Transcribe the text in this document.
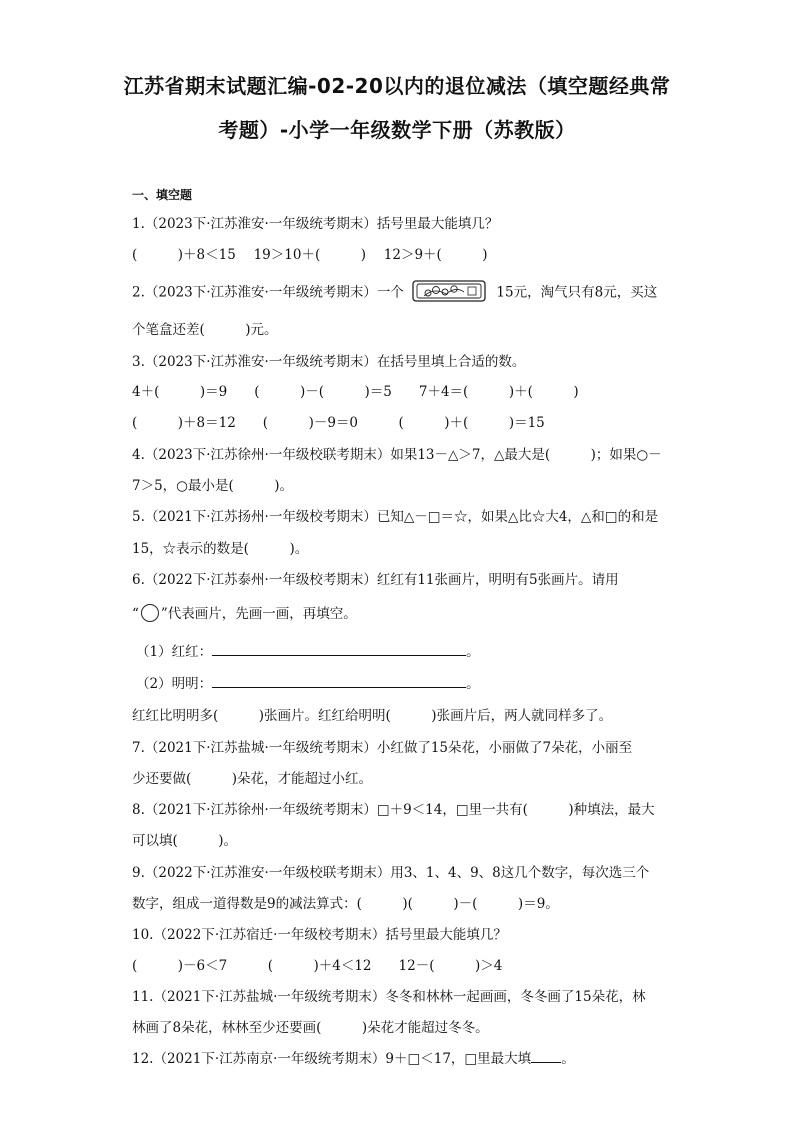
江苏省期末试题汇编-02-20以内的退位减法（填空题经典常
考题）-小学一年级数学下册（苏教版）
一、填空题
1.（2023下·江苏淮安·一年级统考期末）括号里最大能填几？
(　　　)＋8＜15　 19＞10＋(　　　)　 12＞9＋(　　　)
2.（2023下·江苏淮安·一年级统考期末）一个	15元，淘气只有8元，买这
个笔盒还差(　　　)元。
3.（2023下·江苏淮安·一年级统考期末）在括号里填上合适的数。
4＋(　　　)＝9　　(　　　)－(　　　)＝5　　7＋4＝(　　　)＋(　　　)
(　　　)＋8＝12　　(　　　)－9＝0　　　(　　　)＋(　　　)＝15
4.（2023下·江苏徐州·一年级校联考期末）如果13－△＞7，△最大是(　　　)；如果○－
7＞5，○最小是(　　　)。
5.（2021下·江苏扬州·一年级校考期末）已知△－□＝☆，如果△比☆大4，△和□的和是
15，☆表示的数是(　　　)。
6.（2022下·江苏泰州·一年级校考期末）红红有11张画片，明明有5张画片。请用
“ ”代表画片，先画一画，再填空。
（1）红红：	。
（2）明明：	。
红红比明明多(　　　)张画片。红红给明明(　　　)张画片后，两人就同样多了。
7.（2021下·江苏盐城·一年级统考期末）小红做了15朵花，小丽做了7朵花，小丽至
少还要做(　　　)朵花，才能超过小红。
8.（2021下·江苏徐州·一年级统考期末）□＋9＜14，□里一共有(　　　)种填法，最大
可以填(　　　)。
9.（2022下·江苏淮安·一年级校联考期末）用3、1、4、9、8这几个数字，每次选三个
数字，组成一道得数是9的减法算式：(　　　)(　　　)－(　　　)＝9。
10.（2022下·江苏宿迁·一年级校考期末）括号里最大能填几？
(　　　)－6＜7　　　(　　　)＋4＜12　　12－(　　　)＞4
11.（2021下·江苏盐城·一年级统考期末）冬冬和林林一起画画，冬冬画了15朵花，林
林画了8朵花，林林至少还要画(　　　)朵花才能超过冬冬。
12.（2021下·江苏南京·一年级统考期末）9＋□＜17，□里最大填 。
